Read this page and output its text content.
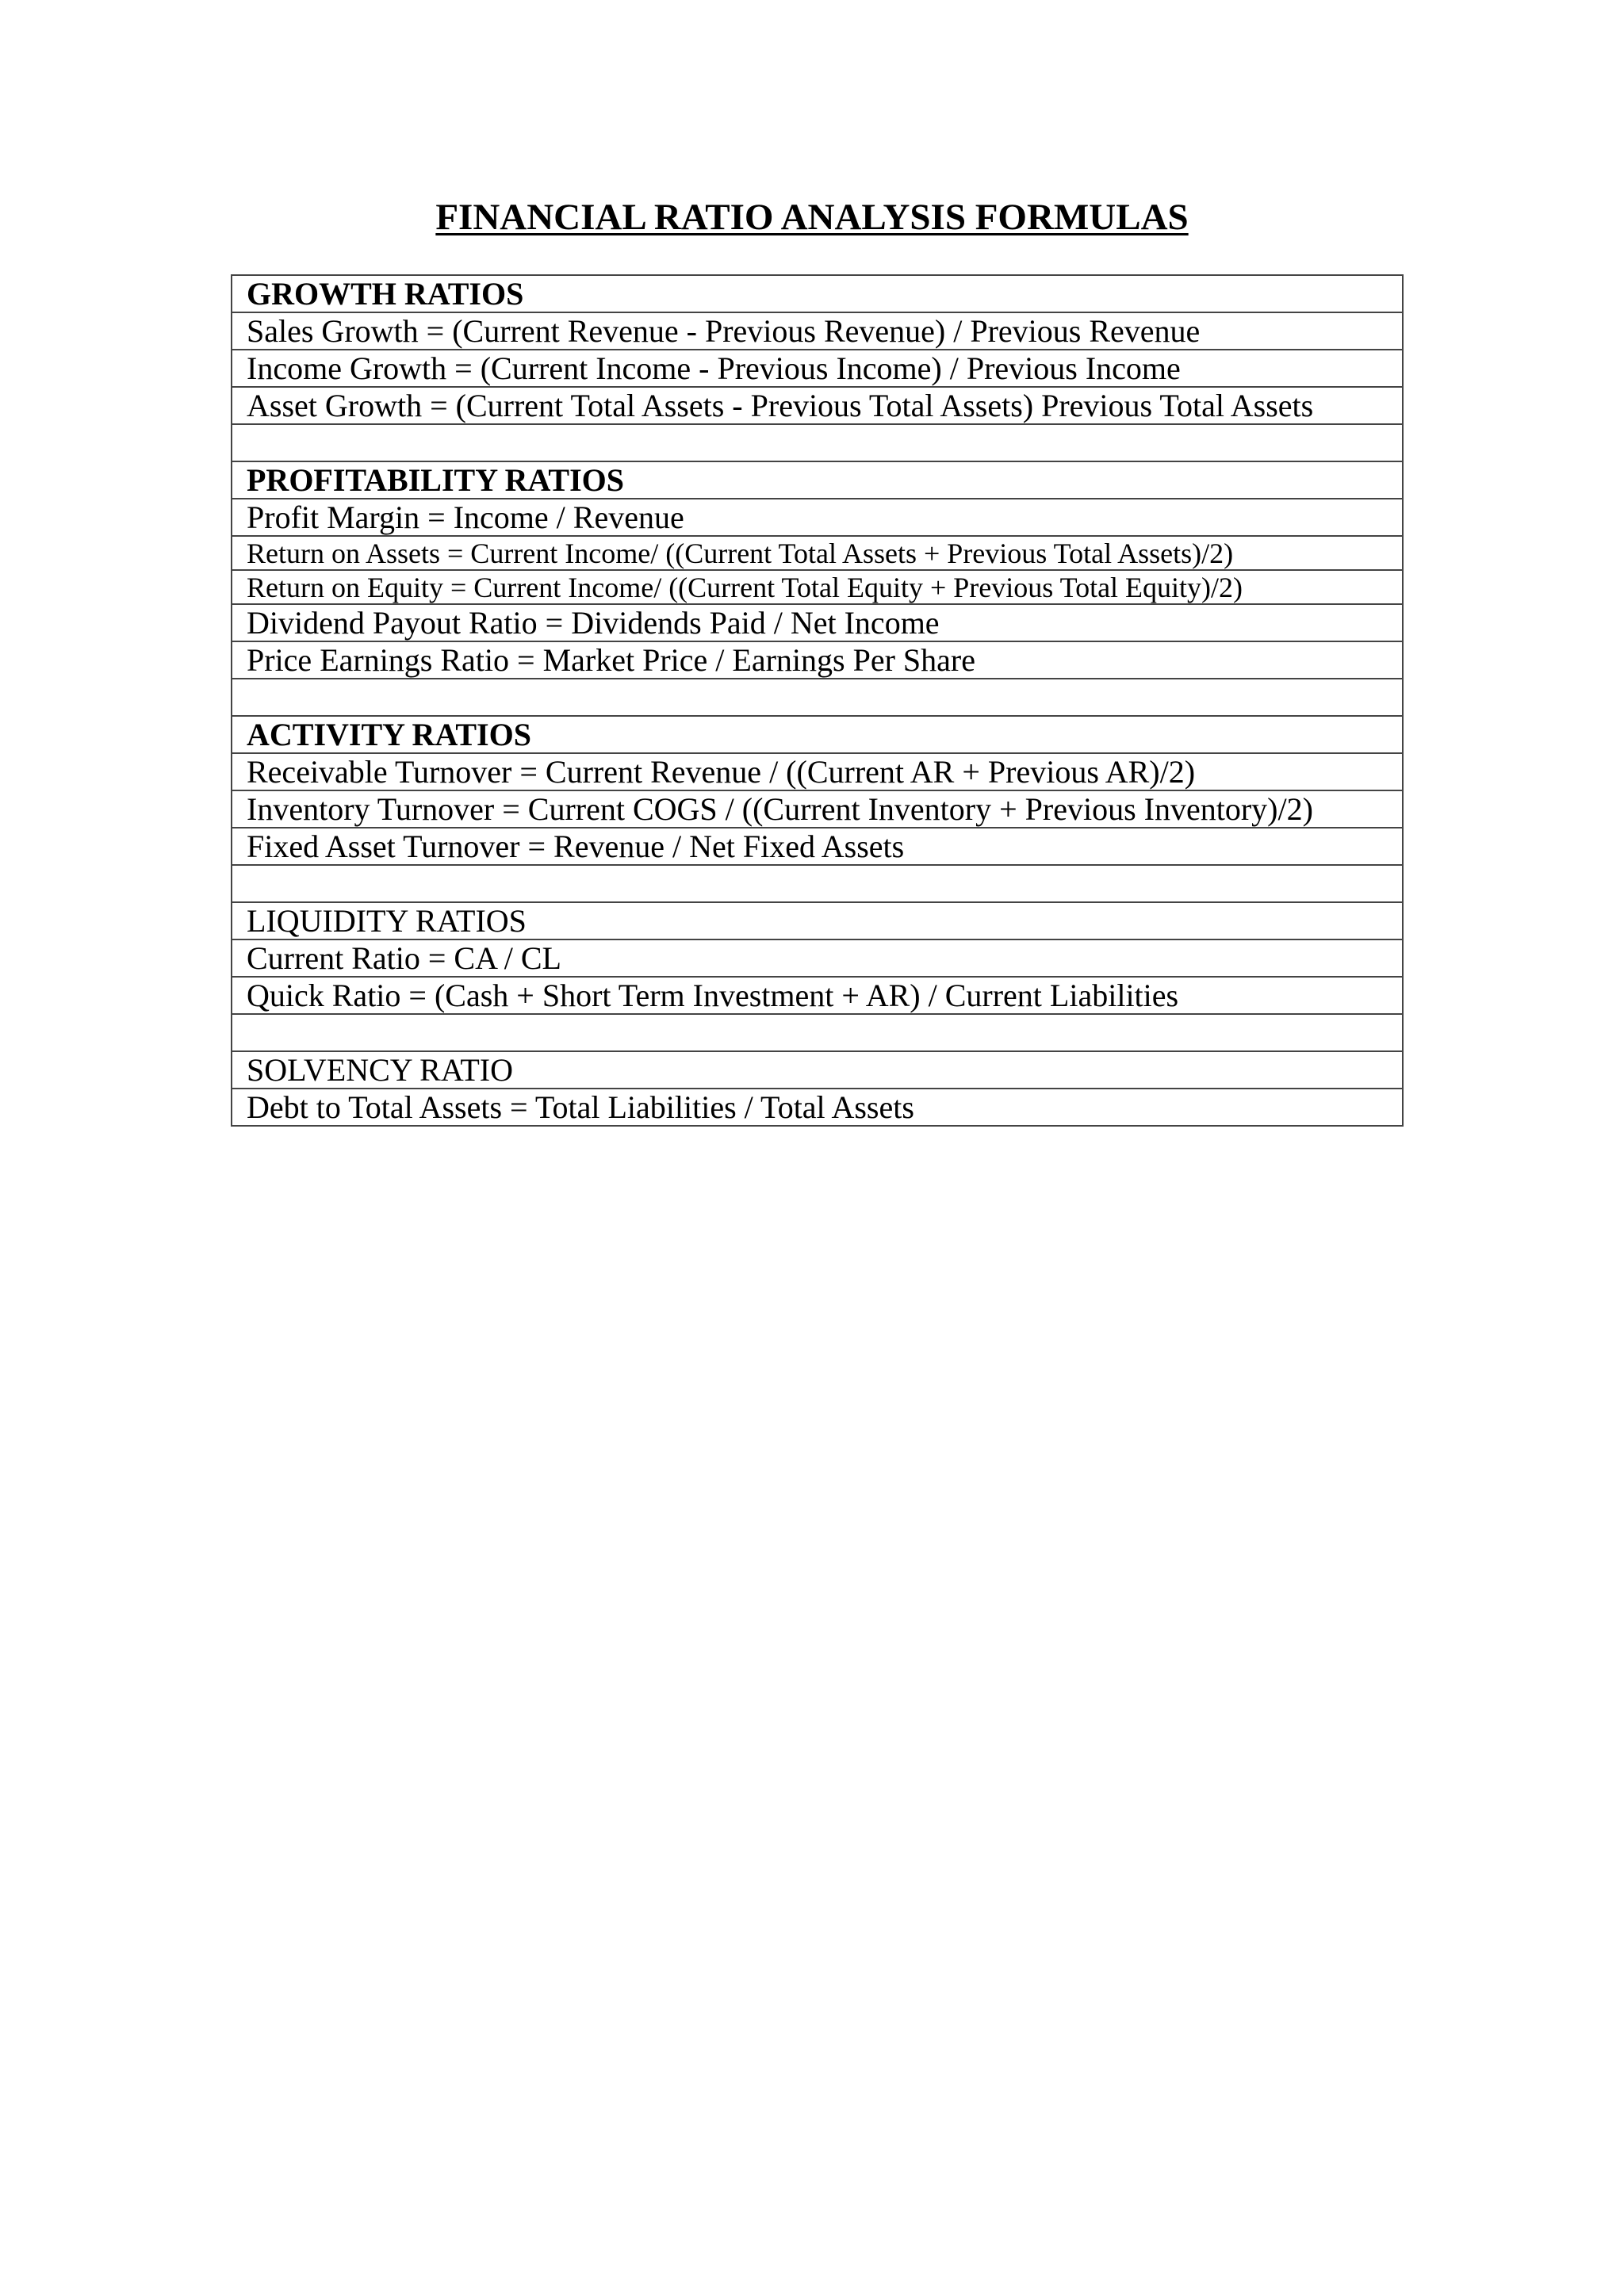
FINANCIAL RATIO ANALYSIS FORMULAS
GROWTH RATIOS
Sales Growth = (Current Revenue - Previous Revenue) / Previous Revenue
Income Growth = (Current Income - Previous Income) / Previous Income
Asset Growth = (Current Total Assets - Previous Total Assets) Previous Total Assets

PROFITABILITY RATIOS
Profit Margin = Income / Revenue
Return on Assets = Current Income/ ((Current Total Assets + Previous Total Assets)/2)
Return on Equity = Current Income/ ((Current Total Equity + Previous Total Equity)/2)
Dividend Payout Ratio = Dividends Paid / Net Income
Price Earnings Ratio = Market Price / Earnings Per Share

ACTIVITY RATIOS
Receivable Turnover = Current Revenue / ((Current AR + Previous AR)/2)
Inventory Turnover = Current COGS / ((Current Inventory + Previous Inventory)/2)
Fixed Asset Turnover = Revenue / Net Fixed Assets

LIQUIDITY RATIOS
Current Ratio = CA / CL
Quick Ratio = (Cash + Short Term Investment + AR) / Current Liabilities

SOLVENCY RATIO
Debt to Total Assets = Total Liabilities / Total Assets
